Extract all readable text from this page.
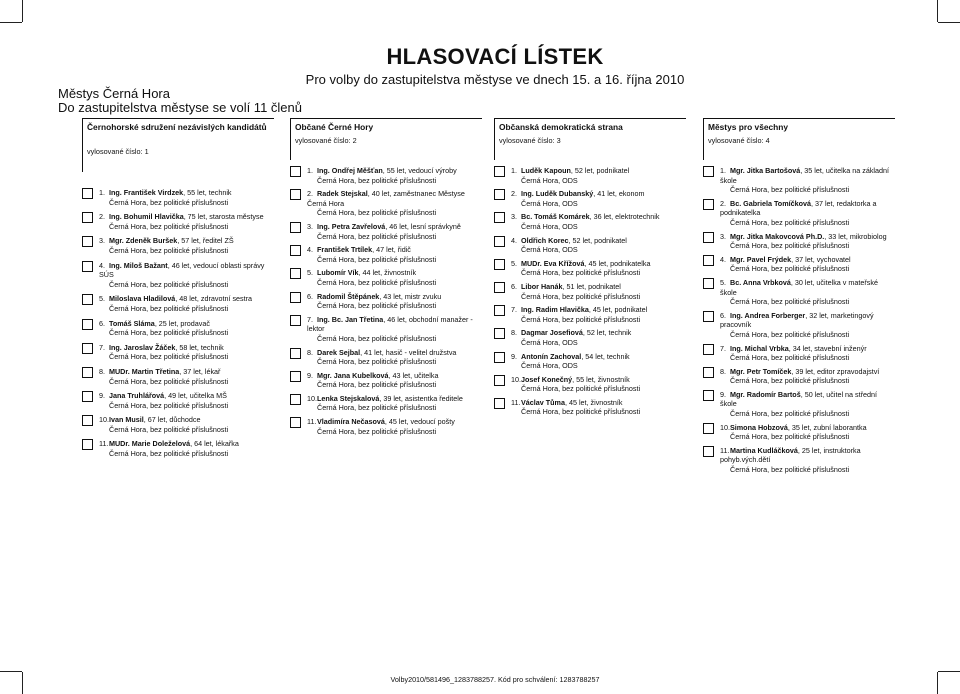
HLASOVACÍ LÍSTEK
Pro volby do zastupitelstva městyse ve dnech 15. a 16. října 2010
Městys Černá Hora
Do zastupitelstva městyse se volí 11 členů
Černohorské sdružení nezávislých kandidátů
vylosované číslo: 1
1. Ing. František Virdzek, 55 let, technik
Černá Hora, bez politické příslušnosti
2. Ing. Bohumil Hlavička, 75 let, starosta městyse
Černá Hora, bez politické příslušnosti
3. Mgr. Zdeněk Buršek, 57 let, ředitel ZŠ
Černá Hora, bez politické příslušnosti
4. Ing. Miloš Bažant, 46 let, vedoucí oblasti správy SÚS
Černá Hora, bez politické příslušnosti
5. Miloslava Hladilová, 48 let, zdravotní sestra
Černá Hora, bez politické příslušnosti
6. Tomáš Sláma, 25 let, prodavač
Černá Hora, bez politické příslušnosti
7. Ing. Jaroslav Žáček, 58 let, technik
Černá Hora, bez politické příslušnosti
8. MUDr. Martin Třetina, 37 let, lékař
Černá Hora, bez politické příslušnosti
9. Jana Truhlářová, 49 let, učitelka MŠ
Černá Hora, bez politické příslušnosti
10.Ivan Musil, 67 let, důchodce
Černá Hora, bez politické příslušnosti
11.MUDr. Marie Doleželová, 64 let, lékařka
Černá Hora, bez politické příslušnosti
Občané Černé Hory
vylosované číslo: 2
1. Ing. Ondřej Měšťan, 55 let, vedoucí výroby
Černá Hora, bez politické příslušnosti
2. Radek Stejskal, 40 let, zaměstnanec Městyse Černá Hora
Černá Hora, bez politické příslušnosti
3. Ing. Petra Zavřelová, 46 let, lesní správkyně
Černá Hora, bez politické příslušnosti
4. František Trtílek, 47 let, řidič
Černá Hora, bez politické příslušnosti
5. Lubomír Vík, 44 let, živnostník
Černá Hora, bez politické příslušnosti
6. Radomil Štěpánek, 43 let, mistr zvuku
Černá Hora, bez politické příslušnosti
7. Ing. Bc. Jan Třetina, 46 let, obchodní manažer - lektor
Černá Hora, bez politické příslušnosti
8. Darek Sejbal, 41 let, hasič - velitel družstva
Černá Hora, bez politické příslušnosti
9. Mgr. Jana Kubelková, 43 let, učitelka
Černá Hora, bez politické příslušnosti
10.Lenka Stejskalová, 39 let, asistentka ředitele
Černá Hora, bez politické příslušnosti
11.Vladimíra Nečasová, 45 let, vedoucí pošty
Černá Hora, bez politické příslušnosti
Občanská demokratická strana
vylosované číslo: 3
1. Luděk Kapoun, 52 let, podnikatel
Černá Hora, ODS
2. Ing. Luděk Dubanský, 41 let, ekonom
Černá Hora, ODS
3. Bc. Tomáš Komárek, 36 let, elektrotechnik
Černá Hora, ODS
4. Oldřich Korec, 52 let, podnikatel
Černá Hora, ODS
5. MUDr. Eva Křížová, 45 let, podnikatelka
Černá Hora, bez politické příslušnosti
6. Libor Hanák, 51 let, podnikatel
Černá Hora, bez politické příslušnosti
7. Ing. Radim Hlavička, 45 let, podnikatel
Černá Hora, bez politické příslušnosti
8. Dagmar Josefiová, 52 let, technik
Černá Hora, ODS
9. Antonín Zachoval, 54 let, technik
Černá Hora, ODS
10.Josef Konečný, 55 let, živnostník
Černá Hora, bez politické příslušnosti
11.Václav Tůma, 45 let, živnostník
Černá Hora, bez politické příslušnosti
Městys pro všechny
vylosované číslo: 4
1. Mgr. Jitka Bartošová, 35 let, učitelka na základní škole
Černá Hora, bez politické příslušnosti
2. Bc. Gabriela Tomíčková, 37 let, redaktorka a podnikatelka
Černá Hora, bez politické příslušnosti
3. Mgr. Jitka Makovcová Ph.D., 33 let, mikrobiolog
Černá Hora, bez politické příslušnosti
4. Mgr. Pavel Frýdek, 37 let, vychovatel
Černá Hora, bez politické příslušnosti
5. Bc. Anna Vrbková, 30 let, učitelka v mateřské škole
Černá Hora, bez politické příslušnosti
6. Ing. Andrea Forberger, 32 let, marketingový pracovník
Černá Hora, bez politické příslušnosti
7. Ing. Michal Vrbka, 34 let, stavební inženýr
Černá Hora, bez politické příslušnosti
8. Mgr. Petr Tomíček, 39 let, editor zpravodajství
Černá Hora, bez politické příslušnosti
9. Mgr. Radomír Bartoš, 50 let, učitel na střední škole
Černá Hora, bez politické příslušnosti
10.Simona Hobzová, 35 let, zubní laborantka
Černá Hora, bez politické příslušnosti
11.Martina Kudláčková, 25 let, instruktorka pohyb.vých.dětí
Černá Hora, bez politické příslušnosti
Volby2010/581496_1283788257. Kód pro schválení: 1283788257
